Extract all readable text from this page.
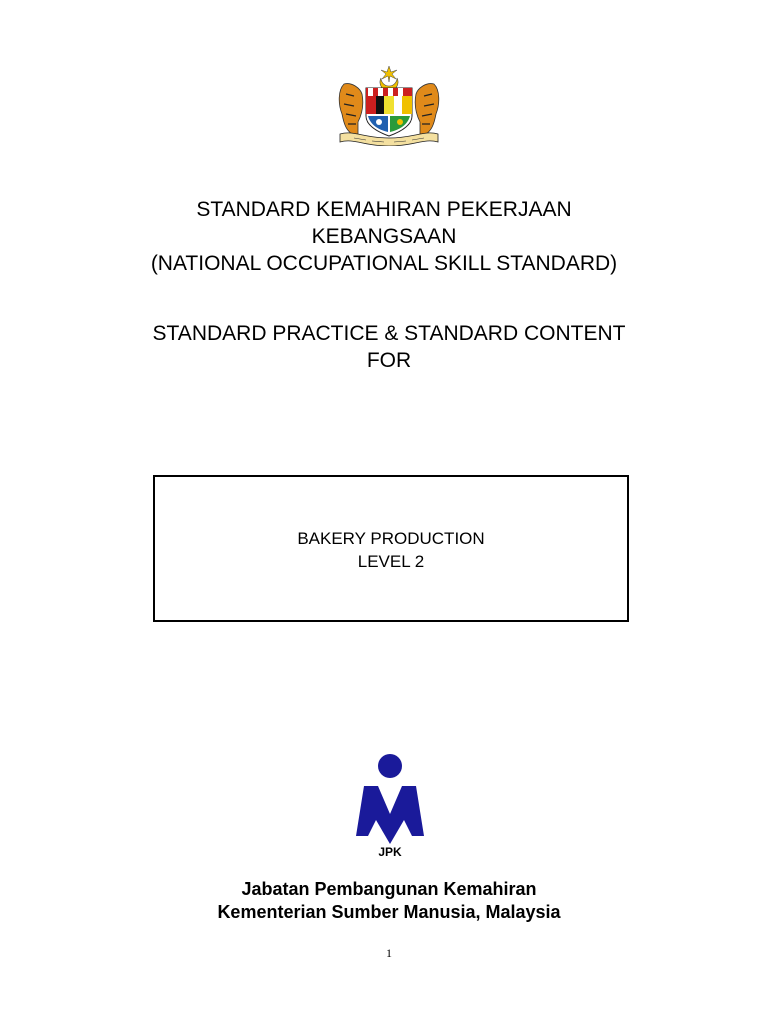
STANDARD KEMAHIRAN PEKERJAAN
KEBANGSAAN
(NATIONAL OCCUPATIONAL SKILL STANDARD)
STANDARD PRACTICE & STANDARD CONTENT
FOR
BAKERY PRODUCTION
LEVEL 2
JPK
Jabatan Pembangunan Kemahiran
Kementerian Sumber Manusia, Malaysia
1
